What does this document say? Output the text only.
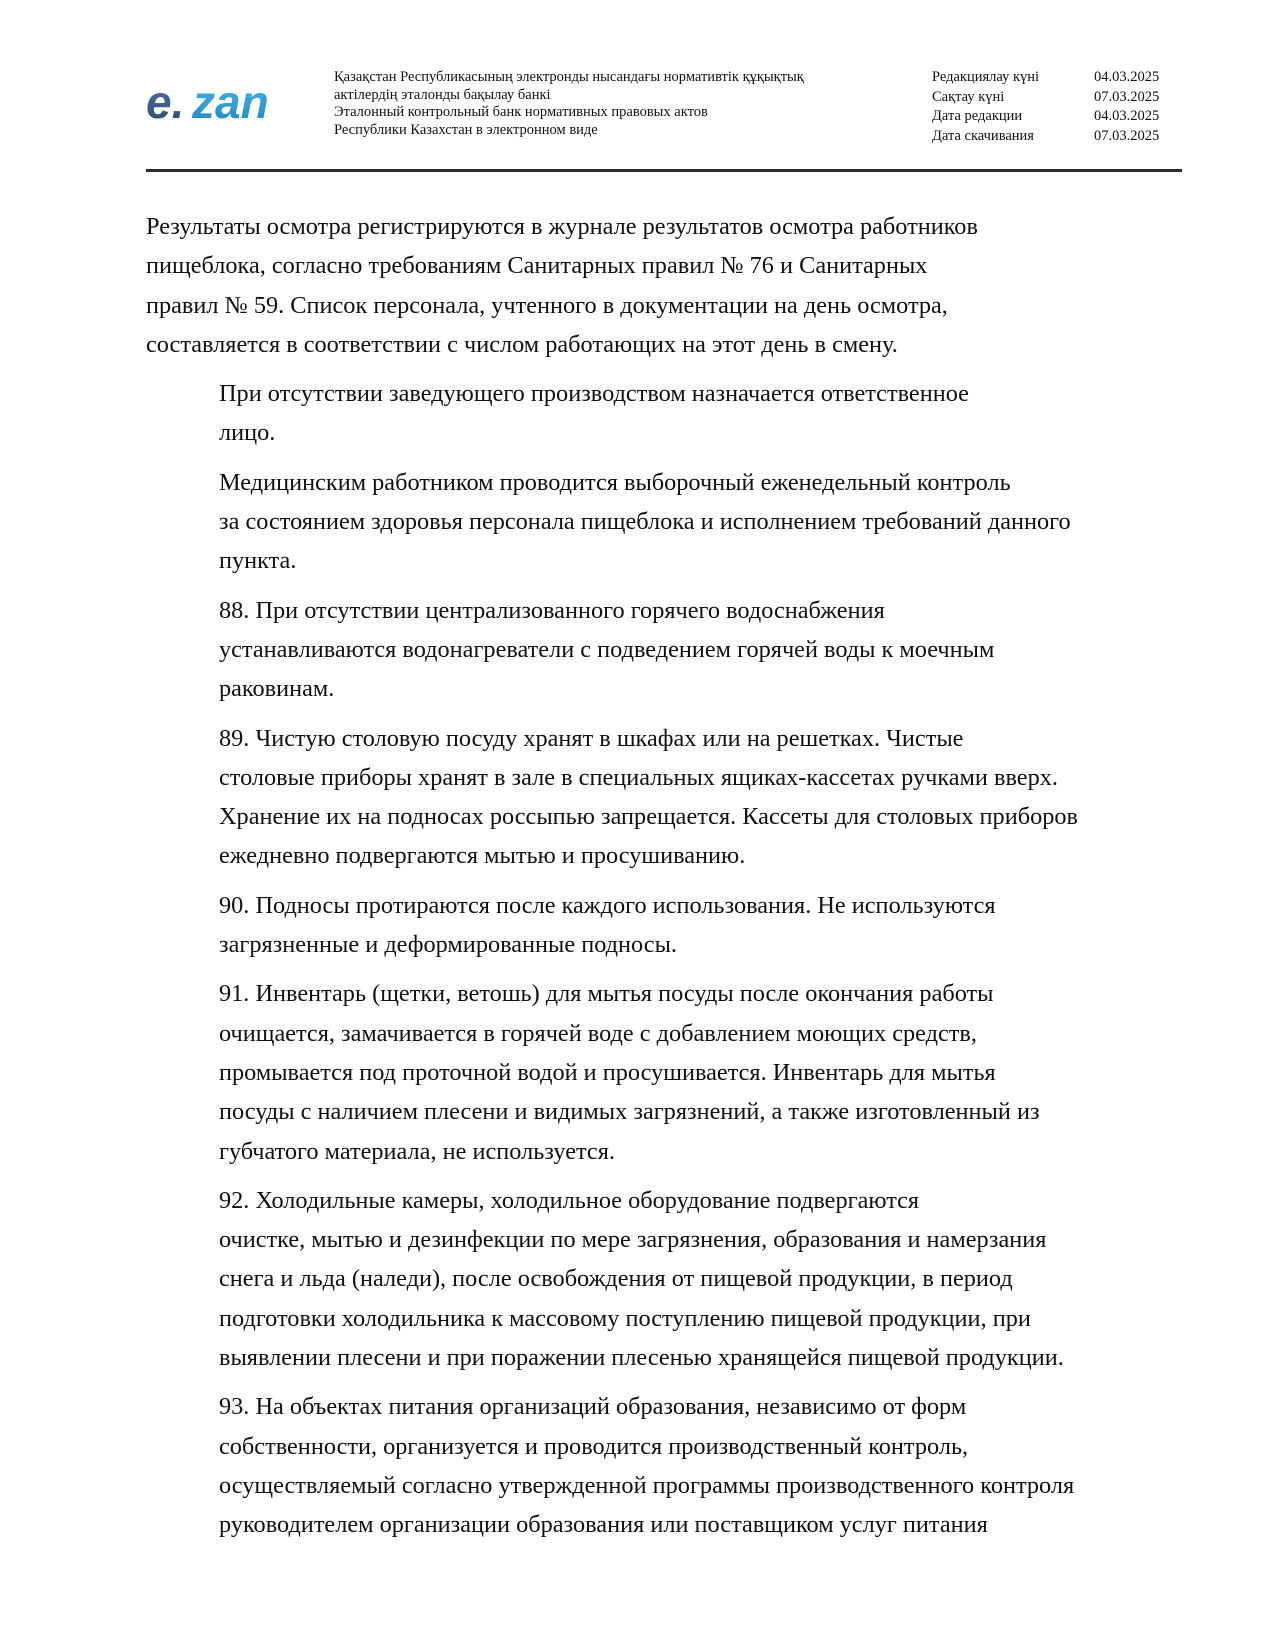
e. zan	Қазақстан Республикасының электронды нысандағы нормативтік құқықтық
актілердің эталонды бақылау банкі
Эталонный контрольный банк нормативных правовых актов
Республики Казахстан в электронном виде
Редакциялау күні	04.03.2025
Сақтау күні	07.03.2025
Дата редакции	04.03.2025
Дата скачивания	07.03.2025

Результаты осмотра регистрируются в журнале результатов осмотра работников
пищеблока, согласно требованиям Санитарных правил № 76 и Санитарных
правил № 59. Список персонала, учтенного в документации на день осмотра,
составляется в соответствии с числом работающих на этот день в смену.

При отсутствии заведующего производством назначается ответственное
лицо.

Медицинским работником проводится выборочный еженедельный контроль
за состоянием здоровья персонала пищеблока и исполнением требований данного
пункта.

88. При отсутствии централизованного горячего водоснабжения
устанавливаются водонагреватели с подведением горячей воды к моечным
раковинам.

89. Чистую столовую посуду хранят в шкафах или на решетках. Чистые
столовые приборы хранят в зале в специальных ящиках-кассетах ручками вверх.
Хранение их на подносах россыпью запрещается. Кассеты для столовых приборов
ежедневно подвергаются мытью и просушиванию.

90. Подносы протираются после каждого использования. Не используются
загрязненные и деформированные подносы.

91. Инвентарь (щетки, ветошь) для мытья посуды после окончания работы
очищается, замачивается в горячей воде с добавлением моющих средств,
промывается под проточной водой и просушивается. Инвентарь для мытья
посуды с наличием плесени и видимых загрязнений, а также изготовленный из
губчатого материала, не используется.

92. Холодильные камеры, холодильное оборудование подвергаются
очистке, мытью и дезинфекции по мере загрязнения, образования и намерзания
снега и льда (наледи), после освобождения от пищевой продукции, в период
подготовки холодильника к массовому поступлению пищевой продукции, при
выявлении плесени и при поражении плесенью хранящейся пищевой продукции.

93. На объектах питания организаций образования, независимо от форм
собственности, организуется и проводится производственный контроль,
осуществляемый согласно утвержденной программы производственного контроля
руководителем организации образования или поставщиком услуг питания
